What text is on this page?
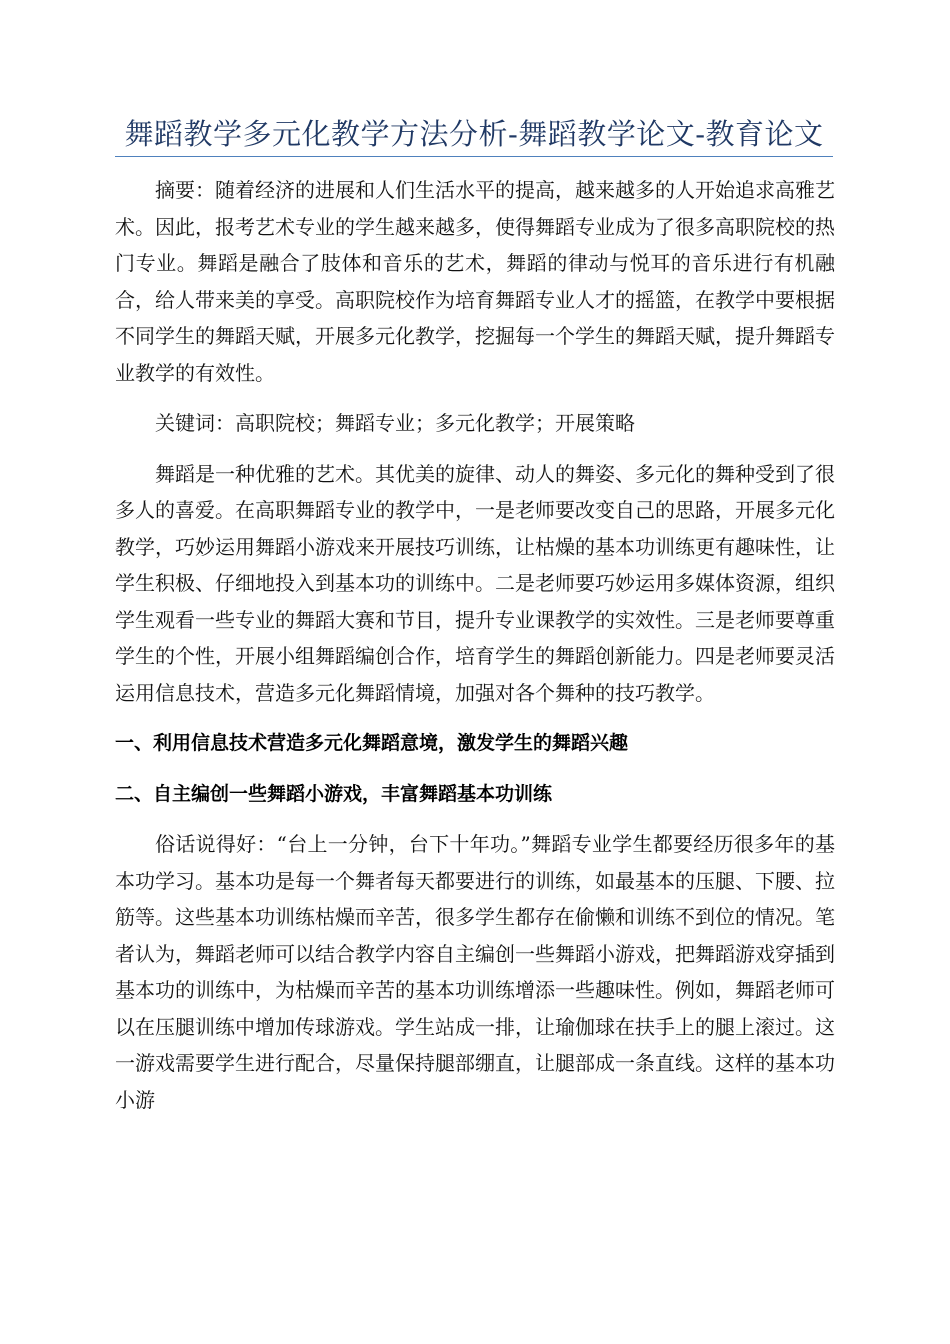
舞蹈教学多元化教学方法分析-舞蹈教学论文-教育论文

摘要：随着经济的进展和人们生活水平的提高，越来越多的人开始追求高雅艺术。因此，报考艺术专业的学生越来越多，使得舞蹈专业成为了很多高职院校的热门专业。舞蹈是融合了肢体和音乐的艺术，舞蹈的律动与悦耳的音乐进行有机融合，给人带来美的享受。高职院校作为培育舞蹈专业人才的摇篮，在教学中要根据不同学生的舞蹈天赋，开展多元化教学，挖掘每一个学生的舞蹈天赋，提升舞蹈专业教学的有效性。

关键词：高职院校；舞蹈专业；多元化教学；开展策略

舞蹈是一种优雅的艺术。其优美的旋律、动人的舞姿、多元化的舞种受到了很多人的喜爱。在高职舞蹈专业的教学中，一是老师要改变自己的思路，开展多元化教学，巧妙运用舞蹈小游戏来开展技巧训练，让枯燥的基本功训练更有趣味性，让学生积极、仔细地投入到基本功的训练中。二是老师要巧妙运用多媒体资源，组织学生观看一些专业的舞蹈大赛和节目，提升专业课教学的实效性。三是老师要尊重学生的个性，开展小组舞蹈编创合作，培育学生的舞蹈创新能力。四是老师要灵活运用信息技术，营造多元化舞蹈情境，加强对各个舞种的技巧教学。

一、利用信息技术营造多元化舞蹈意境，激发学生的舞蹈兴趣
二、自主编创一些舞蹈小游戏，丰富舞蹈基本功训练

俗话说得好：“台上一分钟，台下十年功。”舞蹈专业学生都要经历很多年的基本功学习。基本功是每一个舞者每天都要进行的训练，如最基本的压腿、下腰、拉筋等。这些基本功训练枯燥而辛苦，很多学生都存在偷懒和训练不到位的情况。笔者认为，舞蹈老师可以结合教学内容自主编创一些舞蹈小游戏，把舞蹈游戏穿插到基本功的训练中，为枯燥而辛苦的基本功训练增添一些趣味性。例如，舞蹈老师可以在压腿训练中增加传球游戏。学生站成一排，让瑜伽球在扶手上的腿上滚过。这一游戏需要学生进行配合，尽量保持腿部绷直，让腿部成一条直线。这样的基本功小游
